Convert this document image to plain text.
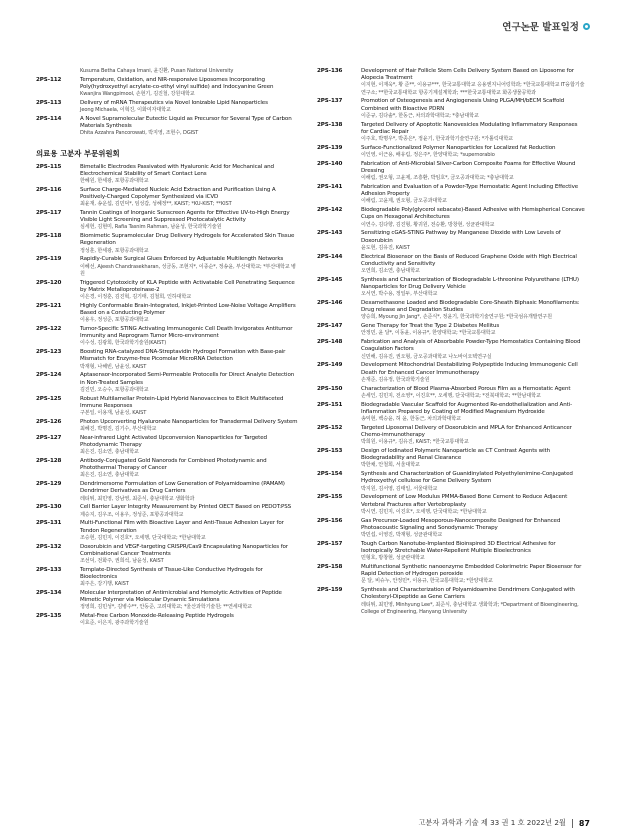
연구논문 발표일정
Kusuma Betha Cahaya Imani, 윤진환, Pusan National University
2PS-112	Temperature, Oxidation, and NIR-responsive Liposomes Incorporating Poly(hydroxyethyl acrylate-co-ethyl vinyl sulfide) and Indocyanine Green
Kwanjira Wangpimool, 손현기, 김진철, 강원대학교
2PS-113	Delivery of mRNA Therapeutics via Novel Ionizable Lipid Nanoparticles
Jeong Michaela, 이혁진, 이화여자대학교
2PS-114	A Novel Supramolecular Eutectic Liquid as Precursor for Several Type of Carbon Materials Synthesis
Dhita Azzahra Pancorowati, 박지영, 조현수, DGIST
의료용 고분자 부문위원회
2PS-115	Bimetallic Electrodes Passivated with Hyaluronic Acid for Mechanical and Electrochemical Stability of Smart Contact Lens
한혜원, 한세광, 포항공과대학교
2PS-116	Surface Charge-Mediated Nucleic Acid Extraction and Purification Using A Positively-Charged Copolymer Synthesized via iCVD
최윤재, 송운섭, 김민덕*, 임성갑, 성혜정**, KAIST; *KU-KIST; **KIST
2PS-117	Tannin Coatings of Inorganic Sunscreen Agents for Effective UV-to-High Energy Visible Light Screening and Suppressed Photocatalytic Activity
심세헌, 김현미, Rafia Tasnim Rahman, 남윤성, 한국과학기술원
2PS-118	Biomimetic Supramolecular Drug Delivery Hydrogels for Accelerated Skin Tissue Regeneration
정성훈, 한세광, 포항공과대학교
2PS-119	Rapidly-Curable Surgical Glues Enforced by Adjustable Multilength Networks
이혜선, Ajeesh Chandrasekharan, 성금동, 조현지*, 이종순*, 정송윤, 부산대학교; *부산대학교 병원
2PS-120	Triggered Cytotoxicity of KLA Peptide with Activatable Cell Penetrating Sequence by Matrix Metalloproteinase-2
이은경, 이정훈, 김진혁, 김기태, 김철희, 인하대학교
2PS-121	Highly Conformable Brain-Integrated, Inkjet-Printed Low-Noise Voltage Amplifiers Based on a Conducting Polymer
이용우, 정성준, 포항공과대학교
2PS-122	Tumor-Specific STING Activating Immunogenic Cell Death Invigorates Antitumor Immunity and Reprogram Tumor Micro-environment
이수성, 김광희, 한국과학기술원(KAIST)
2PS-123	Boosting RNA-catalyzed DNA-Streptavidin Hydrogel Formation with Base-pair Mismatch for Enzyme-free Picomolar MicroRNA Detection
박재형, 나해빈, 남윤성, KAIST
2PS-124	Aptasensor-Incorporated Semi-Permeable Protocells for Direct Analyte Detection in Non-Treated Samples
김진민, 오승수, 포항공과대학교
2PS-125	Robust Multilamellar Protein-Lipid Hybrid Nanovaccines to Elicit Multifaceted Immune Responses
구본일, 이용재, 남윤성, KAIST
2PS-126	Photon Upconverting Hyaluronate Nanoparticles for Transdermal Delivery System
최혜진, 박명진, 김기수, 부산대학교
2PS-127	Near-infrared Light Activated Upconversion Nanoparticles for Targeted Photodynamic Therapy
최은진, 김소연, 충남대학교
2PS-128	Antibody-Conjugated Gold Nanorods for Combined Photodynamic and Photothermal Therapy of Cancer
최은진, 김소연, 충남대학교
2PS-129	Dendrimersome Formulation of Low Generation of Polyamidoamine (PAMAM) Dendrimer Derivatives as Drug Carriers
레티튀, 최민영, 강남영, 최준식, 충남대학교 생화학과
2PS-130	Cell Barrier Layer Integrity Measurement by Printed OECT Based on PEDOT:PSS
제승지, 김우조, 이용우, 정성준, 포항공과대학교
2PS-131	Multi-Functional Film with Bioactive Layer and Anti-Tissue Adhesion Layer for Tendon Regeneration
조승현, 김민지, 이진호*, 오세행, 단국대학교; *한남대학교
2PS-132	Doxorubicin and VEGF-targeting CRISPR/Cas9 Encapsulating Nanoparticles for Combinational Cancer Treatments
조선덕, 전화주, 권희석, 남윤성, KAIST
2PS-133	Template-Directed Synthesis of Tissue-Like Conductive Hydrogels for Bioelectronics
최주은, 강기행, KAIST
2PS-134	Molecular Interpretation of Antimicrobial and Hemolytic Activities of Peptide Mimetic Polymer via Molecular Dynamic Simulations
정영희, 김민성*, 김병수**, 안동준, 고려대학교; *울산과학기술원; **연세대학교
2PS-135	Metal-Free Carbon Monoxide-Releasing Peptide Hydrogels
이효준, 이은지, 광주과학기술원
2PS-136	Development of Hair Follicle Stem Cells Delivery System Based on Liposome for Alopecia Treatment
이지현, 이재욱*, 황 준**, 이용규***, 한국교통대학교 응용엔지니어링학과; *한국교통대학교 IT융합기술연구소; **한국교통대학교 항공기계설계학과; ***한국교통대학교 화공생물공학과
2PS-137	Promotion of Osteogenesis and Angiogenesis Using PLGA/MH/bECM Scaffold Combined with Bioactive PDRN
이준규, 김다솔*, 한동근, 차의과학대학교; *충남대학교
2PS-138	Targeted Delivery of Apoptotic Nanovesicles Modulating Inflammatory Responses for Cardiac Repair
이주호, 박명우*, 박종은*, 정윤기, 한국과학기술연구원; *가톨릭대학교
2PS-139	Surface-Functionalized Polymer Nanoparticles for Localized fat Reduction
이인영, 이근용, 배유림, 정은주*, 한양대학교; *supernorabio
2PS-140	Fabrication of Anti-Microbial Silver-Carbon Composite Foams for Effective Wound Dressing
이해림, 권오형, 고윤제, 조흥환, 박임호*, 금오공과대학교; *충남대학교
2PS-141	Fabrication and Evaluation of a Powder-Type Hemostatic Agent Including Effective Adhesion Property
이해림, 고윤제, 권오형, 금오공과대학교
2PS-142	Biodegradable Poly(glycerol sebacate)-Based Adhesive with Hemispherical Concave Cups on Hexagonal Architectures
이연수, 김다향, 김진형, 황귀원, 전승환, 방창현, 성균관대학교
2PS-143	Sensitizing cGAS-STING Pathway by Manganese Dioxide with Low Levels of Doxorubicin
윤도현, 김유진, KAIST
2PS-144	Electrical Biosensor on the Basis of Reduced Graphene Oxide with High Electrical Conductivity and Sensitivity
오연희, 김소연, 충남대학교
2PS-145	Synthesis and Characterization of Biodegradable L-threonine Polyurethane (LTHU) Nanoparticles for Drug Delivery Vehicle
오서연, 박수용, 정일두, 부산대학교
2PS-146	Dexamethasone Loaded and Biodegradable Core-Sheath Biphasic Monofilaments: Drug release and Degradation Studies
양승희, Myoung Jin Jang*, 손준식*, 정윤기, 한국과학기술연구원; *한국섬유개발연구원
2PS-147	Gene Therapy for Treat the Type 2 Diabetes Mellitus
안정민, 윤 달*, 이동윤, 이용규*, 한양대학교; *한국교통대학교
2PS-148	Fabrication and Analysis of Absorbable Powder-Type Hemostatics Containing Blood Coagulation Factors
신민해, 김유진, 권오형, 금오공과대학교 나노바이오텍연구실
2PS-149	Development Mitochondrial Destabilizing Polypeptide Inducing Immunogenic Cell Death for Enhanced Cancer Immunotherapy
손재준, 김유정, 한국과학기술원
2PS-150	Characterization of Blood Plasma-Absorbed Porous Film as a Hemostatic Agent
손세인, 김민지, 전소영*, 이진호**, 오세행, 단국대학교; *전북대학교; **한남대학교
2PS-151	Biodegradable Vascular Scaffold for Augmented Re-endothelialization and Anti-Inflammation Prepared by Coating of Modified Magnesium Hydroxide
송익현, 백승윤, 허 윤, 한동근, 차의과학대학교
2PS-152	Targeted Liposomal Delivery of Doxorubicin and MPLA for Enhanced Anticancer Chemo-immunotherapy
박희원, 이용규*, 김유진, KAIST; *한국교통대학교
2PS-153	Design of Iodinated Polymeric Nanoparticle as CT Contrast Agents with Biodegradability and Renal Clearance
박한채, 안철희, 서울대학교
2PS-154	Synthesis and Characterization of Guanidinylated Polyethylenimine-Conjugated Hydroxyethyl cellulose for Gene Delivery System
박지원, 김서영, 김태일, 서울대학교
2PS-155	Development of Low Modulus PMMA-Based Bone Cement to Reduce Adjacent Vertebral Fractures after Vertebroplasty
박시연, 김민지, 이진호*, 오세행, 단국대학교; *한남대학교
2PS-156	Gas Precursor-Loaded Mesoporous-Nanocomposite Designed for Enhanced Photoacoustic Signaling and Sonodynamic Therapy
박민섭, 이영진, 박재형, 성균관대학교
2PS-157	Tough Carbon Nanotube-Implanted Bioinspired 3D Electrical Adhesive for Isotropically Stretchable Water-Repellent Multiple Bioelectronics
민형호, 방창현, 성균관대학교
2PS-158	Multifunctional Synthetic nanoenzyme Embedded Colorimetric Paper Biosensor for Rapid Detection of Hydrogen peroxide
문 달, 비슈누, 안정민*, 이용규, 한국교통대학교; *한양대학교
2PS-159	Synthesis and Characterization of Polyamidoamine Dendrimers Conjugated with Cholesteryl-Dipeptide as Gene Carriers
레티튀, 최민영, Minhyung Lee*, 최준식, 충남대학교 생화학과; *Department of Bioengineering, College of Engineering, Hanyang University
고분자 과학과 기술 제 33 권 1 호 2022년 2월 87
